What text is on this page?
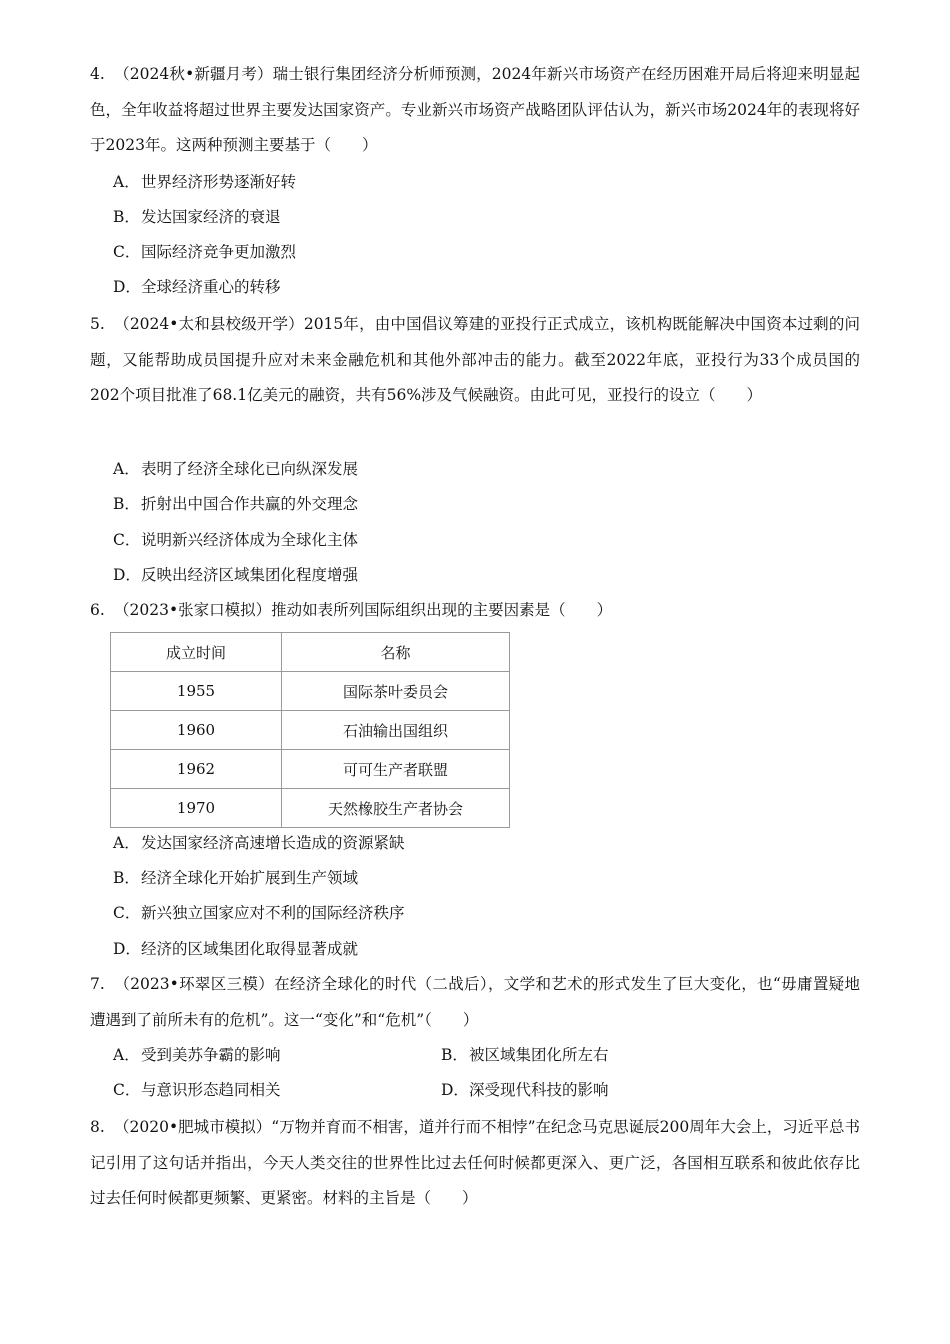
4. （2024秋•新疆月考）瑞士银行集团经济分析师预测，2024年新兴市场资产在经历困难开局后将迎来明显起色，全年收益将超过世界主要发达国家资产。专业新兴市场资产战略团队评估认为，新兴市场2024年的表现将好于2023年。这两种预测主要基于（　　）
A．世界经济形势逐渐好转
B．发达国家经济的衰退
C．国际经济竞争更加激烈
D．全球经济重心的转移
5. （2024•太和县校级开学）2015年，由中国倡议筹建的亚投行正式成立，该机构既能解决中国资本过剩的问题，又能帮助成员国提升应对未来金融危机和其他外部冲击的能力。截至2022年底，亚投行为33个成员国的202个项目批准了68.1亿美元的融资，共有56%涉及气候融资。由此可见，亚投行的设立（　　）
A．表明了经济全球化已向纵深发展
B．折射出中国合作共赢的外交理念
C．说明新兴经济体成为全球化主体
D．反映出经济区域集团化程度增强
6. （2023•张家口模拟）推动如表所列国际组织出现的主要因素是（　　）
成立时间	名称
1955	国际茶叶委员会
1960	石油输出国组织
1962	可可生产者联盟
1970	天然橡胶生产者协会
A．发达国家经济高速增长造成的资源紧缺
B．经济全球化开始扩展到生产领域
C．新兴独立国家应对不利的国际经济秩序
D．经济的区域集团化取得显著成就
7. （2023•环翠区三模）在经济全球化的时代（二战后），文学和艺术的形式发生了巨大变化，也“毋庸置疑地遭遇到了前所未有的危机”。这一“变化”和“危机”（　　）
A．受到美苏争霸的影响	B．被区域集团化所左右
C．与意识形态趋同相关	D．深受现代科技的影响
8. （2020•肥城市模拟）“万物并育而不相害，道并行而不相悖”在纪念马克思诞辰200周年大会上，习近平总书记引用了这句话并指出，今天人类交往的世界性比过去任何时候都更深入、更广泛，各国相互联系和彼此依存比过去任何时候都更频繁、更紧密。材料的主旨是（　　）
